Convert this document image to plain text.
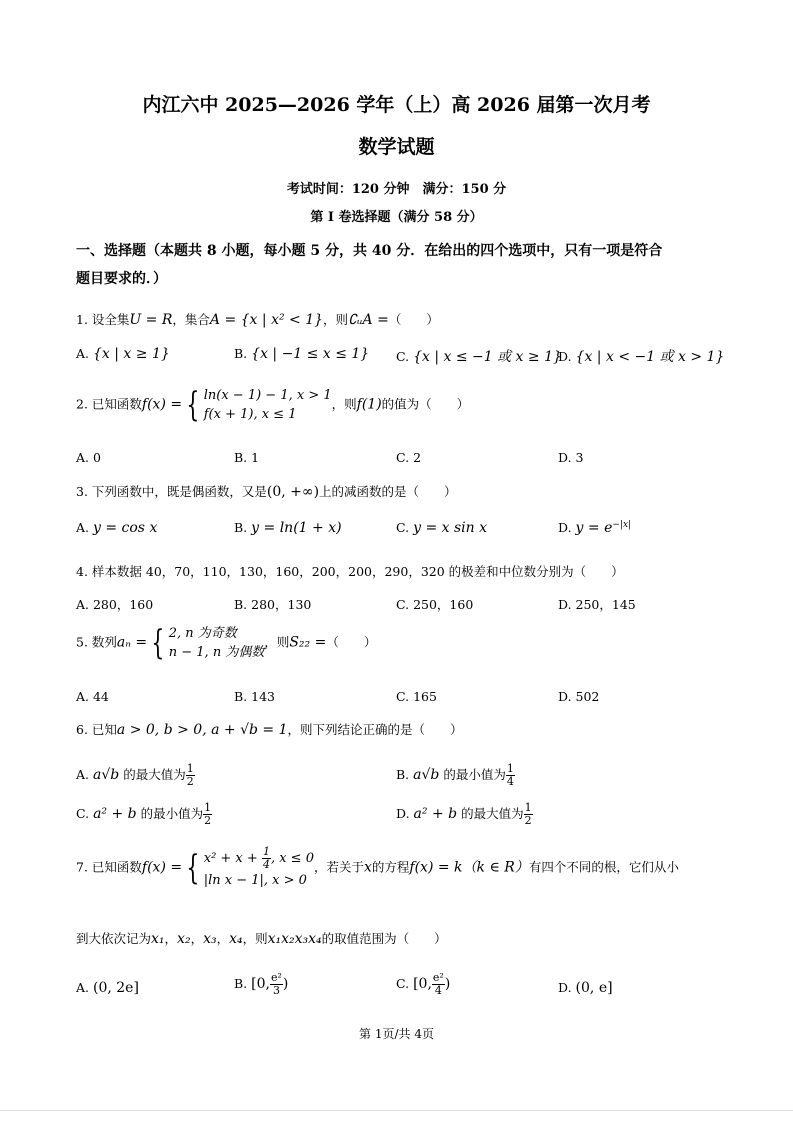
内江六中 2025—2026 学年（上）高 2026 届第一次月考
数学试题
考试时间：120 分钟　满分：150 分
第 I 卷选择题（满分 58 分）
一、选择题（本题共 8 小题，每小题 5 分，共 40 分．在给出的四个选项中，只有一项是符合
题目要求的．）
1. 设全集U = R，集合A = {x | x² < 1}，则∁ᵤA =（　　）
A. {x | x ≥ 1}	B. {x | −1 ≤ x ≤ 1} C. {x | x ≤ −1 或 x ≥ 1}
D. {x | x < −1 或 x > 1}
2. 已知函数f(x) = { ln(x − 1) − 1, x > 1
f(x + 1), x ≤ 1，则f(1)的值为（　　）
A. 0	B. 1	C. 2	D. 3
3. 下列函数中，既是偶函数，又是(0, +∞)上的减函数的是（　　）
A. y = cos x	B. y = ln(1 + x)	C. y = x sin x	D. $y = e^{-|x|}$
4. 样本数据 40，70，110，130，160，200，200，290，320 的极差和中位数分别为（　　）
A. 280，160	B. 280，130	C. 250，160	D. 250，145
5. 数列aₙ = { 2, n 为奇数
n − 1, n 为偶数，则S₂₂ =（　　）
A. 44	B. 143	C. 165	D. 502
6. 已知a > 0, b > 0, a + √b = 1，则下列结论正确的是（　　）
A. a√b 的最大值为 $\frac{1}{2}$	B. a√b 的最小值为 $\frac{1}{4}$
C. a² + b 的最小值为 $\frac{1}{2}$	D. a² + b 的最大值为 $\frac{1}{2}$
7. 已知函数f(x) = { $x^2 + x + \frac{1}{4}$ , x ≤ 0
|ln x − 1|, x > 0，若关于x的方程f(x) = k（k ∈ R）有四个不同的根，它们从小
到大依次记为x₁，x₂，x₃，x₄，则x₁x₂x₃x₄的取值范围为（　　）
A. (0, 2e]	B. [0, $\frac{\text{e²}}{3}$ )	C. [0, $\frac{\text{e²}}{4}$ )	D. (0, e]
第 1页/共 4页
